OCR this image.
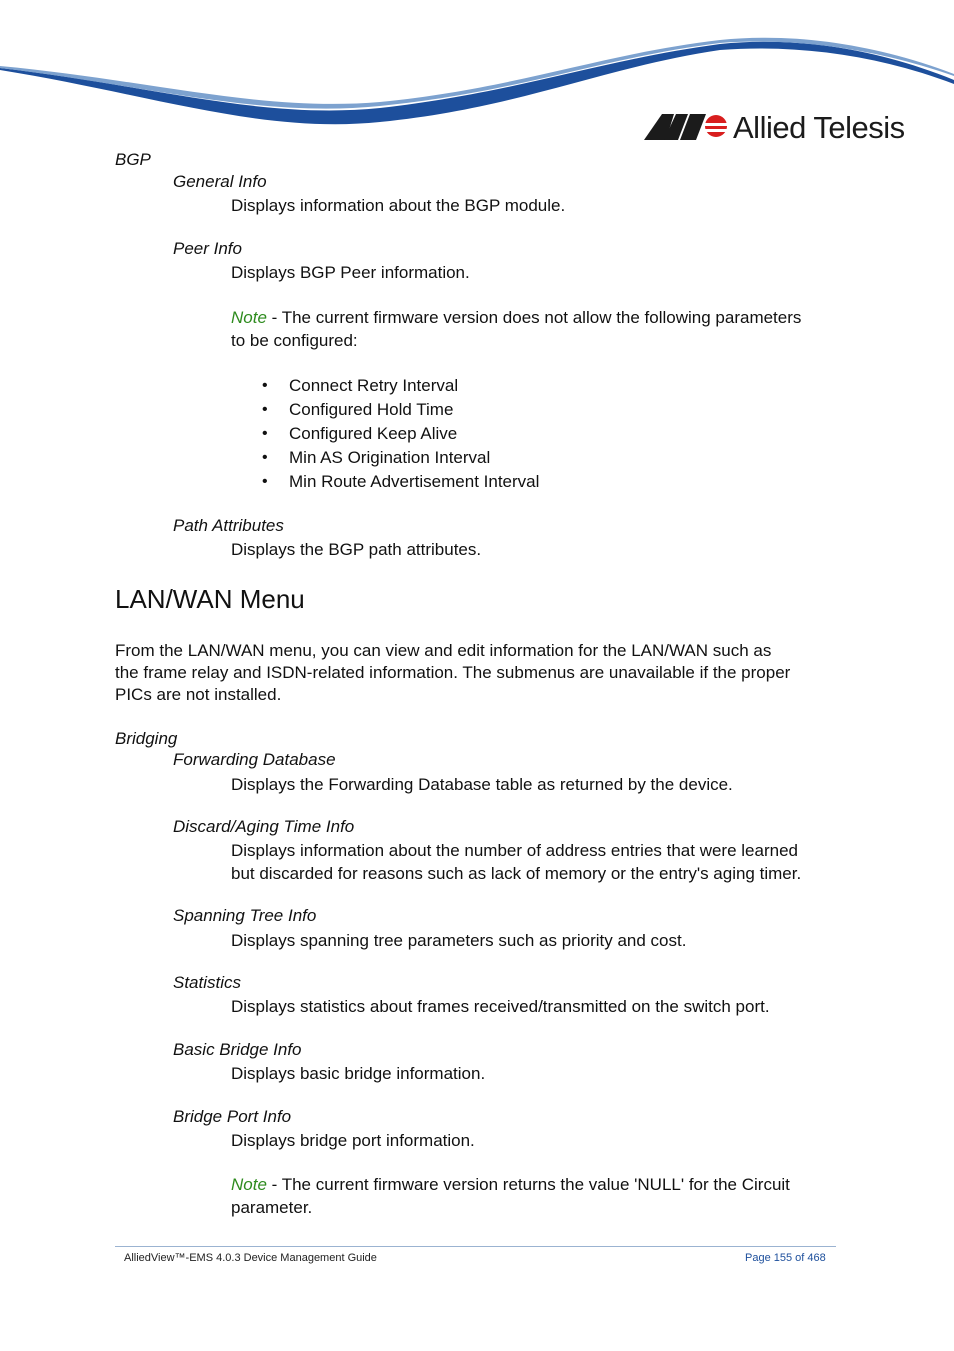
Allied Telesis
BGP
General Info
Displays information about the BGP module.
Peer Info
Displays BGP Peer information.
Note - The current firmware version does not allow the following parameters
to be configured:
• Connect Retry Interval
• Configured Hold Time
• Configured Keep Alive
• Min AS Origination Interval
• Min Route Advertisement Interval
Path Attributes
Displays the BGP path attributes.
LAN/WAN Menu
From the LAN/WAN menu, you can view and edit information for the LAN/WAN such as
the frame relay and ISDN-related information. The submenus are unavailable if the proper
PICs are not installed.
Bridging
Forwarding Database
Displays the Forwarding Database table as returned by the device.
Discard/Aging Time Info
Displays information about the number of address entries that were learned
but discarded for reasons such as lack of memory or the entry's aging timer.
Spanning Tree Info
Displays spanning tree parameters such as priority and cost.
Statistics
Displays statistics about frames received/transmitted on the switch port.
Basic Bridge Info
Displays basic bridge information.
Bridge Port Info
Displays bridge port information.
Note - The current firmware version returns the value 'NULL' for the Circuit
parameter.
AlliedView™-EMS 4.0.3 Device Management Guide	Page 155 of 468
